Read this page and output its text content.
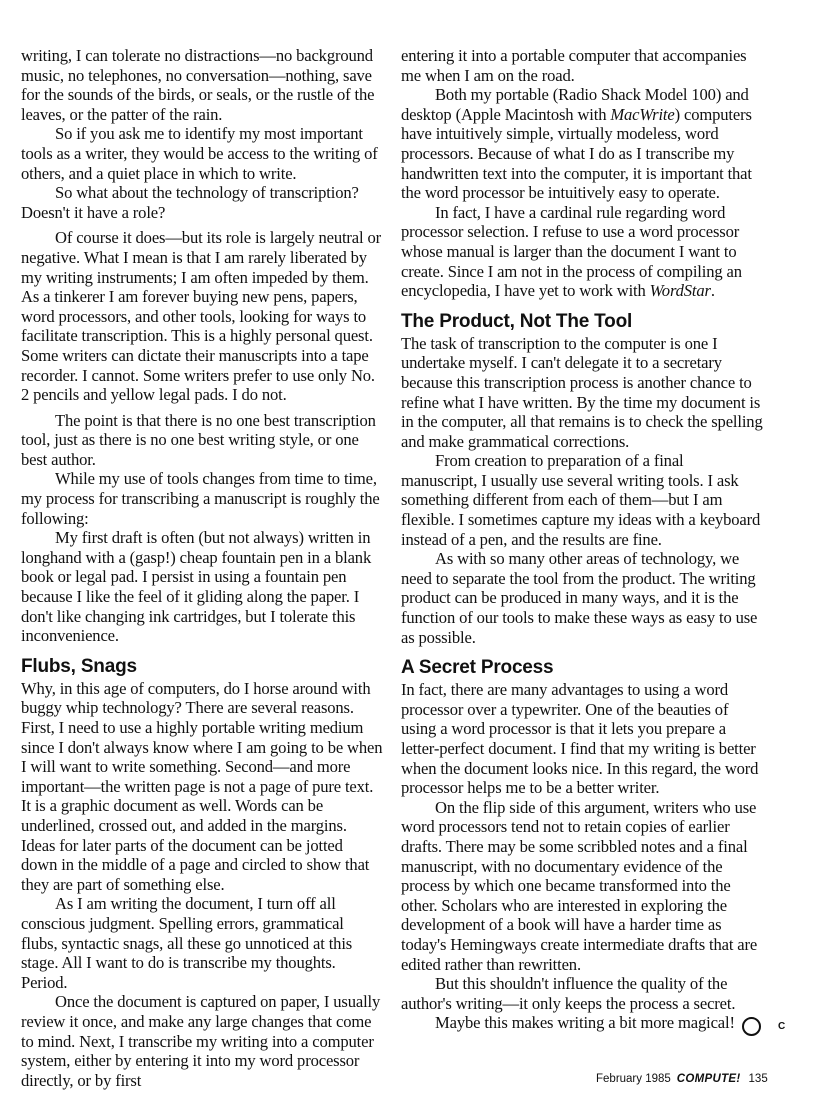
writing, I can tolerate no distractions—no background music, no telephones, no conversation—nothing, save for the sounds of the birds, or seals, or the rustle of the leaves, or the patter of the rain.

So if you ask me to identify my most important tools as a writer, they would be access to the writing of others, and a quiet place in which to write.

So what about the technology of transcription? Doesn't it have a role?

Of course it does—but its role is largely neutral or negative. What I mean is that I am rarely liberated by my writing instruments; I am often impeded by them. As a tinkerer I am forever buying new pens, papers, word processors, and other tools, looking for ways to facilitate transcription. This is a highly personal quest. Some writers can dictate their manuscripts into a tape recorder. I cannot. Some writers prefer to use only No. 2 pencils and yellow legal pads. I do not.

The point is that there is no one best transcription tool, just as there is no one best writing style, or one best author.

While my use of tools changes from time to time, my process for transcribing a manuscript is roughly the following:

My first draft is often (but not always) written in longhand with a (gasp!) cheap fountain pen in a blank book or legal pad. I persist in using a fountain pen because I like the feel of it gliding along the paper. I don't like changing ink cartridges, but I tolerate this inconvenience.

Flubs, Snags

Why, in this age of computers, do I horse around with buggy whip technology? There are several reasons. First, I need to use a highly portable writing medium since I don't always know where I am going to be when I will want to write something. Second—and more important—the written page is not a page of pure text. It is a graphic document as well. Words can be underlined, crossed out, and added in the margins. Ideas for later parts of the document can be jotted down in the middle of a page and circled to show that they are part of something else.

As I am writing the document, I turn off all conscious judgment. Spelling errors, grammatical flubs, syntactic snags, all these go unnoticed at this stage. All I want to do is transcribe my thoughts. Period.

Once the document is captured on paper, I usually review it once, and make any large changes that come to mind. Next, I transcribe my writing into a computer system, either by entering it into my word processor directly, or by first

entering it into a portable computer that accompanies me when I am on the road.

Both my portable (Radio Shack Model 100) and desktop (Apple Macintosh with MacWrite) computers have intuitively simple, virtually modeless, word processors. Because of what I do as I transcribe my handwritten text into the computer, it is important that the word processor be intuitively easy to operate.

In fact, I have a cardinal rule regarding word processor selection. I refuse to use a word processor whose manual is larger than the document I want to create. Since I am not in the process of compiling an encyclopedia, I have yet to work with WordStar.

The Product, Not The Tool

The task of transcription to the computer is one I undertake myself. I can't delegate it to a secretary because this transcription process is another chance to refine what I have written. By the time my document is in the computer, all that remains is to check the spelling and make grammatical corrections.

From creation to preparation of a final manuscript, I usually use several writing tools. I ask something different from each of them—but I am flexible. I sometimes capture my ideas with a keyboard instead of a pen, and the results are fine.

As with so many other areas of technology, we need to separate the tool from the product. The writing product can be produced in many ways, and it is the function of our tools to make these ways as easy to use as possible.

A Secret Process

In fact, there are many advantages to using a word processor over a typewriter. One of the beauties of using a word processor is that it lets you prepare a letter-perfect document. I find that my writing is better when the document looks nice. In this regard, the word processor helps me to be a better writer.

On the flip side of this argument, writers who use word processors tend not to retain copies of earlier drafts. There may be some scribbled notes and a final manuscript, with no documentary evidence of the process by which one became transformed into the other. Scholars who are interested in exploring the development of a book will have a harder time as today's Hemingways create intermediate drafts that are edited rather than rewritten.

But this shouldn't influence the quality of the author's writing—it only keeps the process a secret.

Maybe this makes writing a bit more magical!	C

February 1985 COMPUTE! 135
